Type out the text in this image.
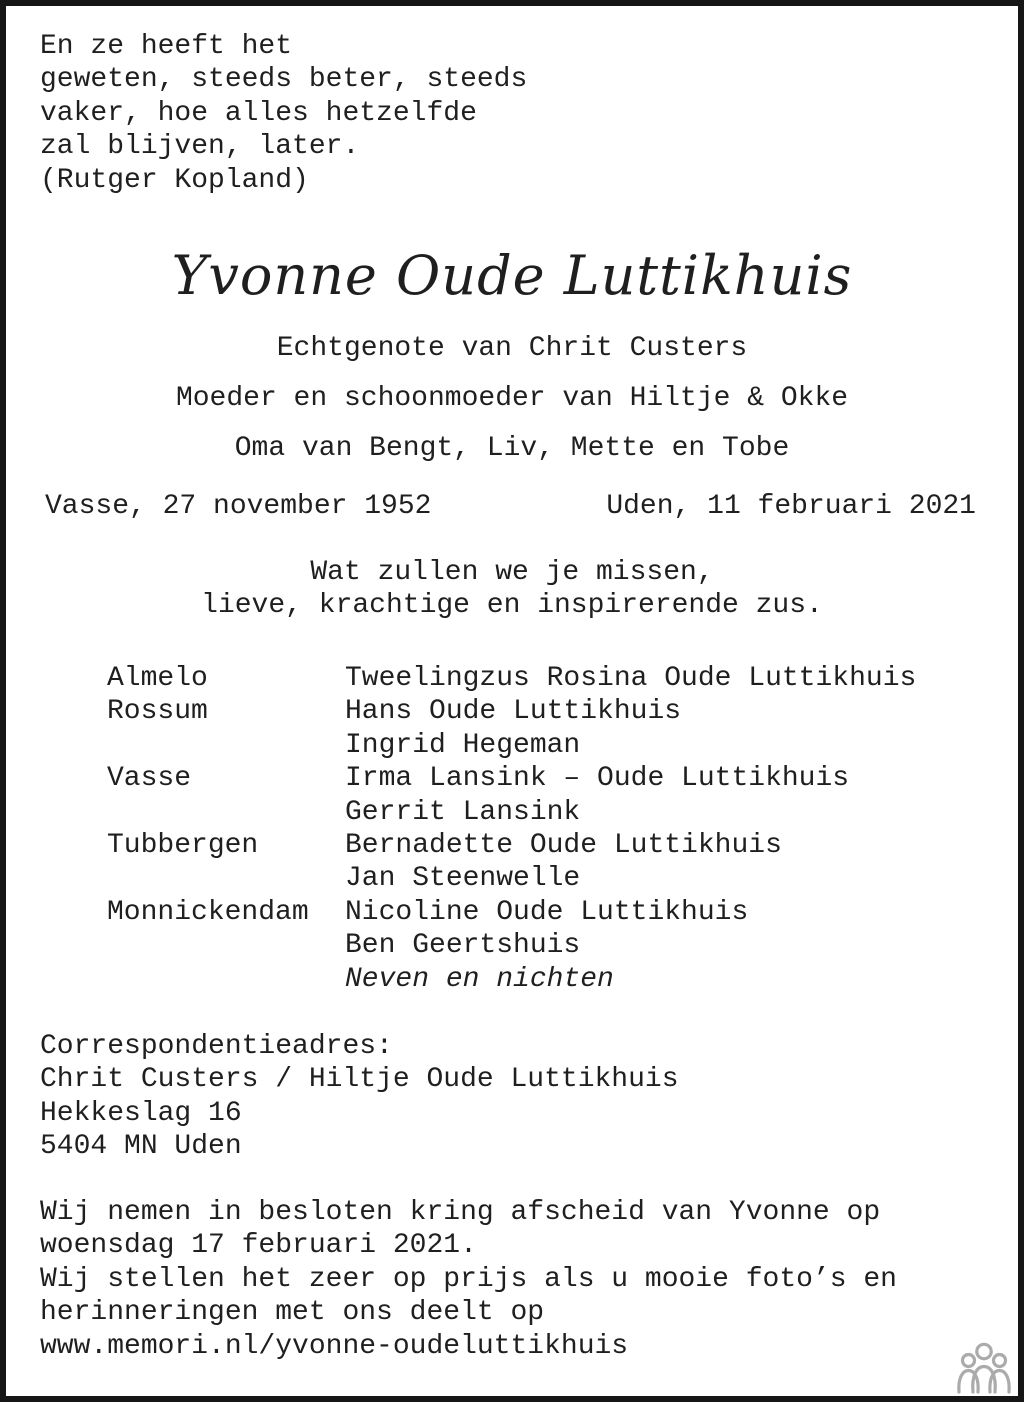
En ze heeft het
geweten, steeds beter, steeds
vaker, hoe alles hetzelfde
zal blijven, later.
(Rutger Kopland)
Yvonne Oude Luttikhuis
Echtgenote van Chrit Custers
Moeder en schoonmoeder van Hiltje & Okke
Oma van Bengt, Liv, Mette en Tobe
Vasse, 27 november 1952	Uden, 11 februari 2021
Wat zullen we je missen,
lieve, krachtige en inspirerende zus.
Almelo	Tweelingzus Rosina Oude Luttikhuis
Rossum	Hans Oude Luttikhuis
Ingrid Hegeman
Vasse	Irma Lansink – Oude Luttikhuis
Gerrit Lansink
Tubbergen	Bernadette Oude Luttikhuis
Jan Steenwelle
Monnickendam	Nicoline Oude Luttikhuis
Ben Geertshuis
Neven en nichten
Correspondentieadres:
Chrit Custers / Hiltje Oude Luttikhuis
Hekkeslag 16
5404 MN Uden
Wij nemen in besloten kring afscheid van Yvonne op
woensdag 17 februari 2021.
Wij stellen het zeer op prijs als u mooie foto’s en
herinneringen met ons deelt op
www.memori.nl/yvonne-oudeluttikhuis
